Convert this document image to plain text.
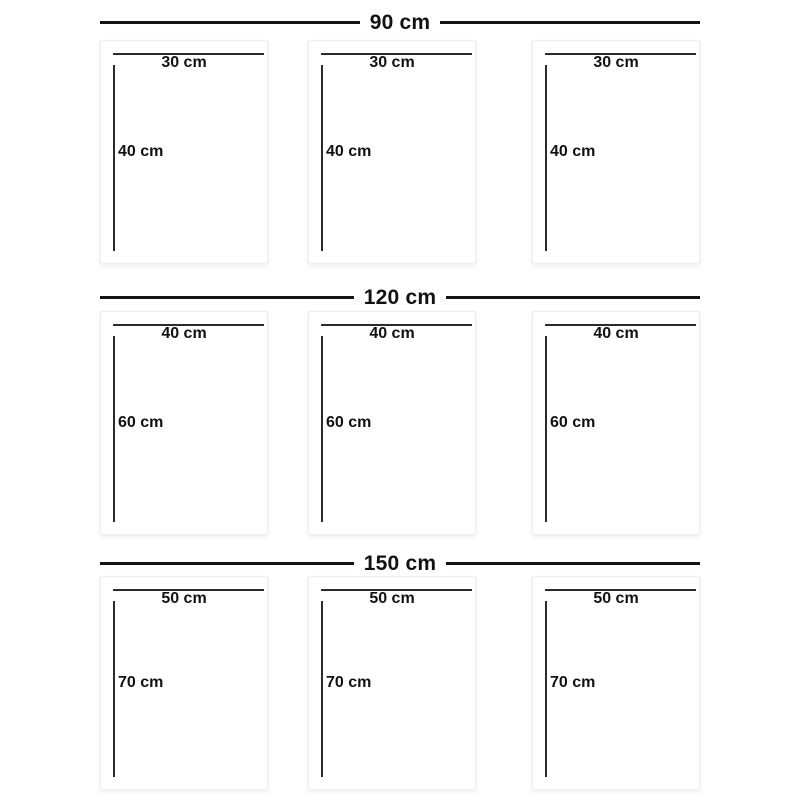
90 cm
30 cm
40 cm
30 cm
40 cm
30 cm
40 cm
120 cm
40 cm
60 cm
40 cm
60 cm
40 cm
60 cm
150 cm
50 cm
70 cm
50 cm
70 cm
50 cm
70 cm
